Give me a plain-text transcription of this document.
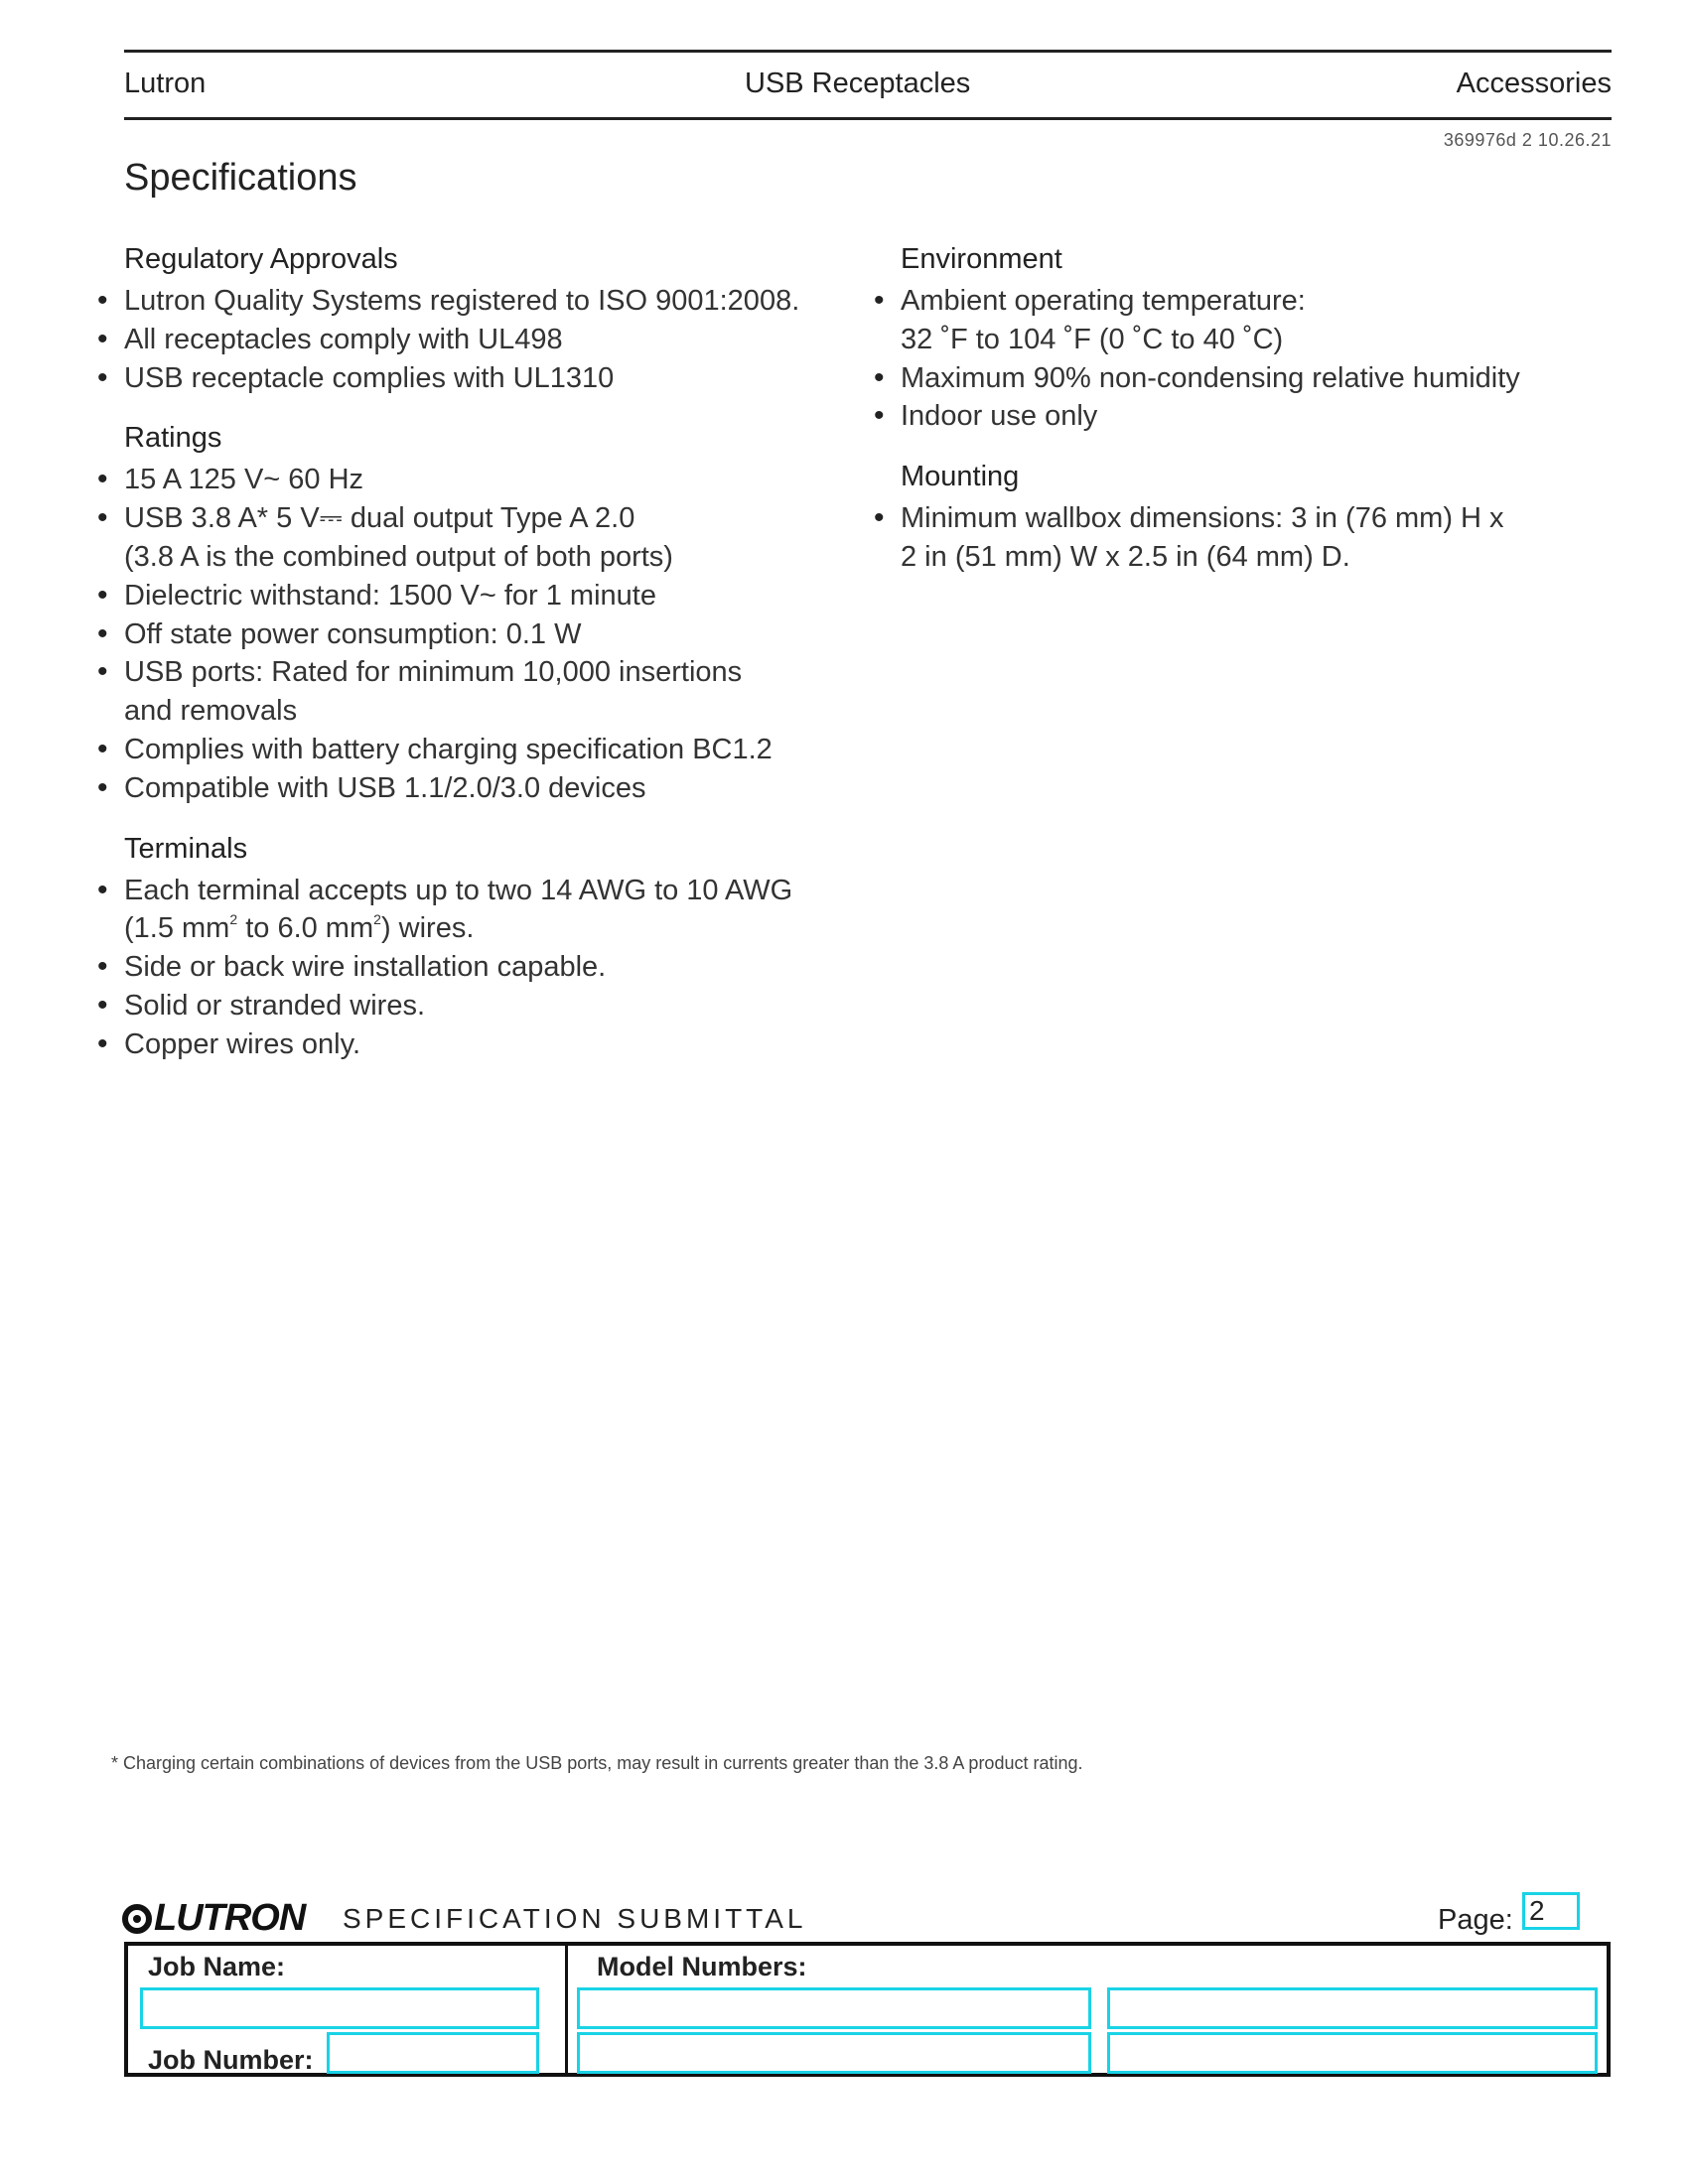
Lutron	USB Receptacles	Accessories
369976d 2 10.26.21
Specifications
Regulatory Approvals
• Lutron Quality Systems registered to ISO 9001:2008.
• All receptacles comply with UL498
• USB receptacle complies with UL1310
Ratings
• 15 A 125 V~ 60 Hz
• USB 3.8 A* 5 V⎓ dual output Type A 2.0
(3.8 A is the combined output of both ports)
• Dielectric withstand: 1500 V~ for 1 minute
• Off state power consumption: 0.1 W
• USB ports: Rated for minimum 10,000 insertions
and removals
• Complies with battery charging specification BC1.2
• Compatible with USB 1.1/2.0/3.0 devices
Terminals
• Each terminal accepts up to two 14 AWG to 10 AWG
(1.5 $mm^2$ to 6.0 $mm^2$) wires.
• Side or back wire installation capable.
• Solid or stranded wires.
• Copper wires only.
Environment
• Ambient operating temperature:
32 ˚F to 104 ˚F (0 ˚C to 40 ˚C)
• Maximum 90% non-condensing relative humidity
• Indoor use only
Mounting
• Minimum wallbox dimensions: 3 in (76 mm) H x
2 in (51 mm) W x 2.5 in (64 mm) D.
* Charging certain combinations of devices from the USB ports, may result in currents greater than the 3.8 A product rating.
LUTRON SPECIFICATION SUBMITTAL	Page: 2
Job Name:
Job Number:
Model Numbers:
